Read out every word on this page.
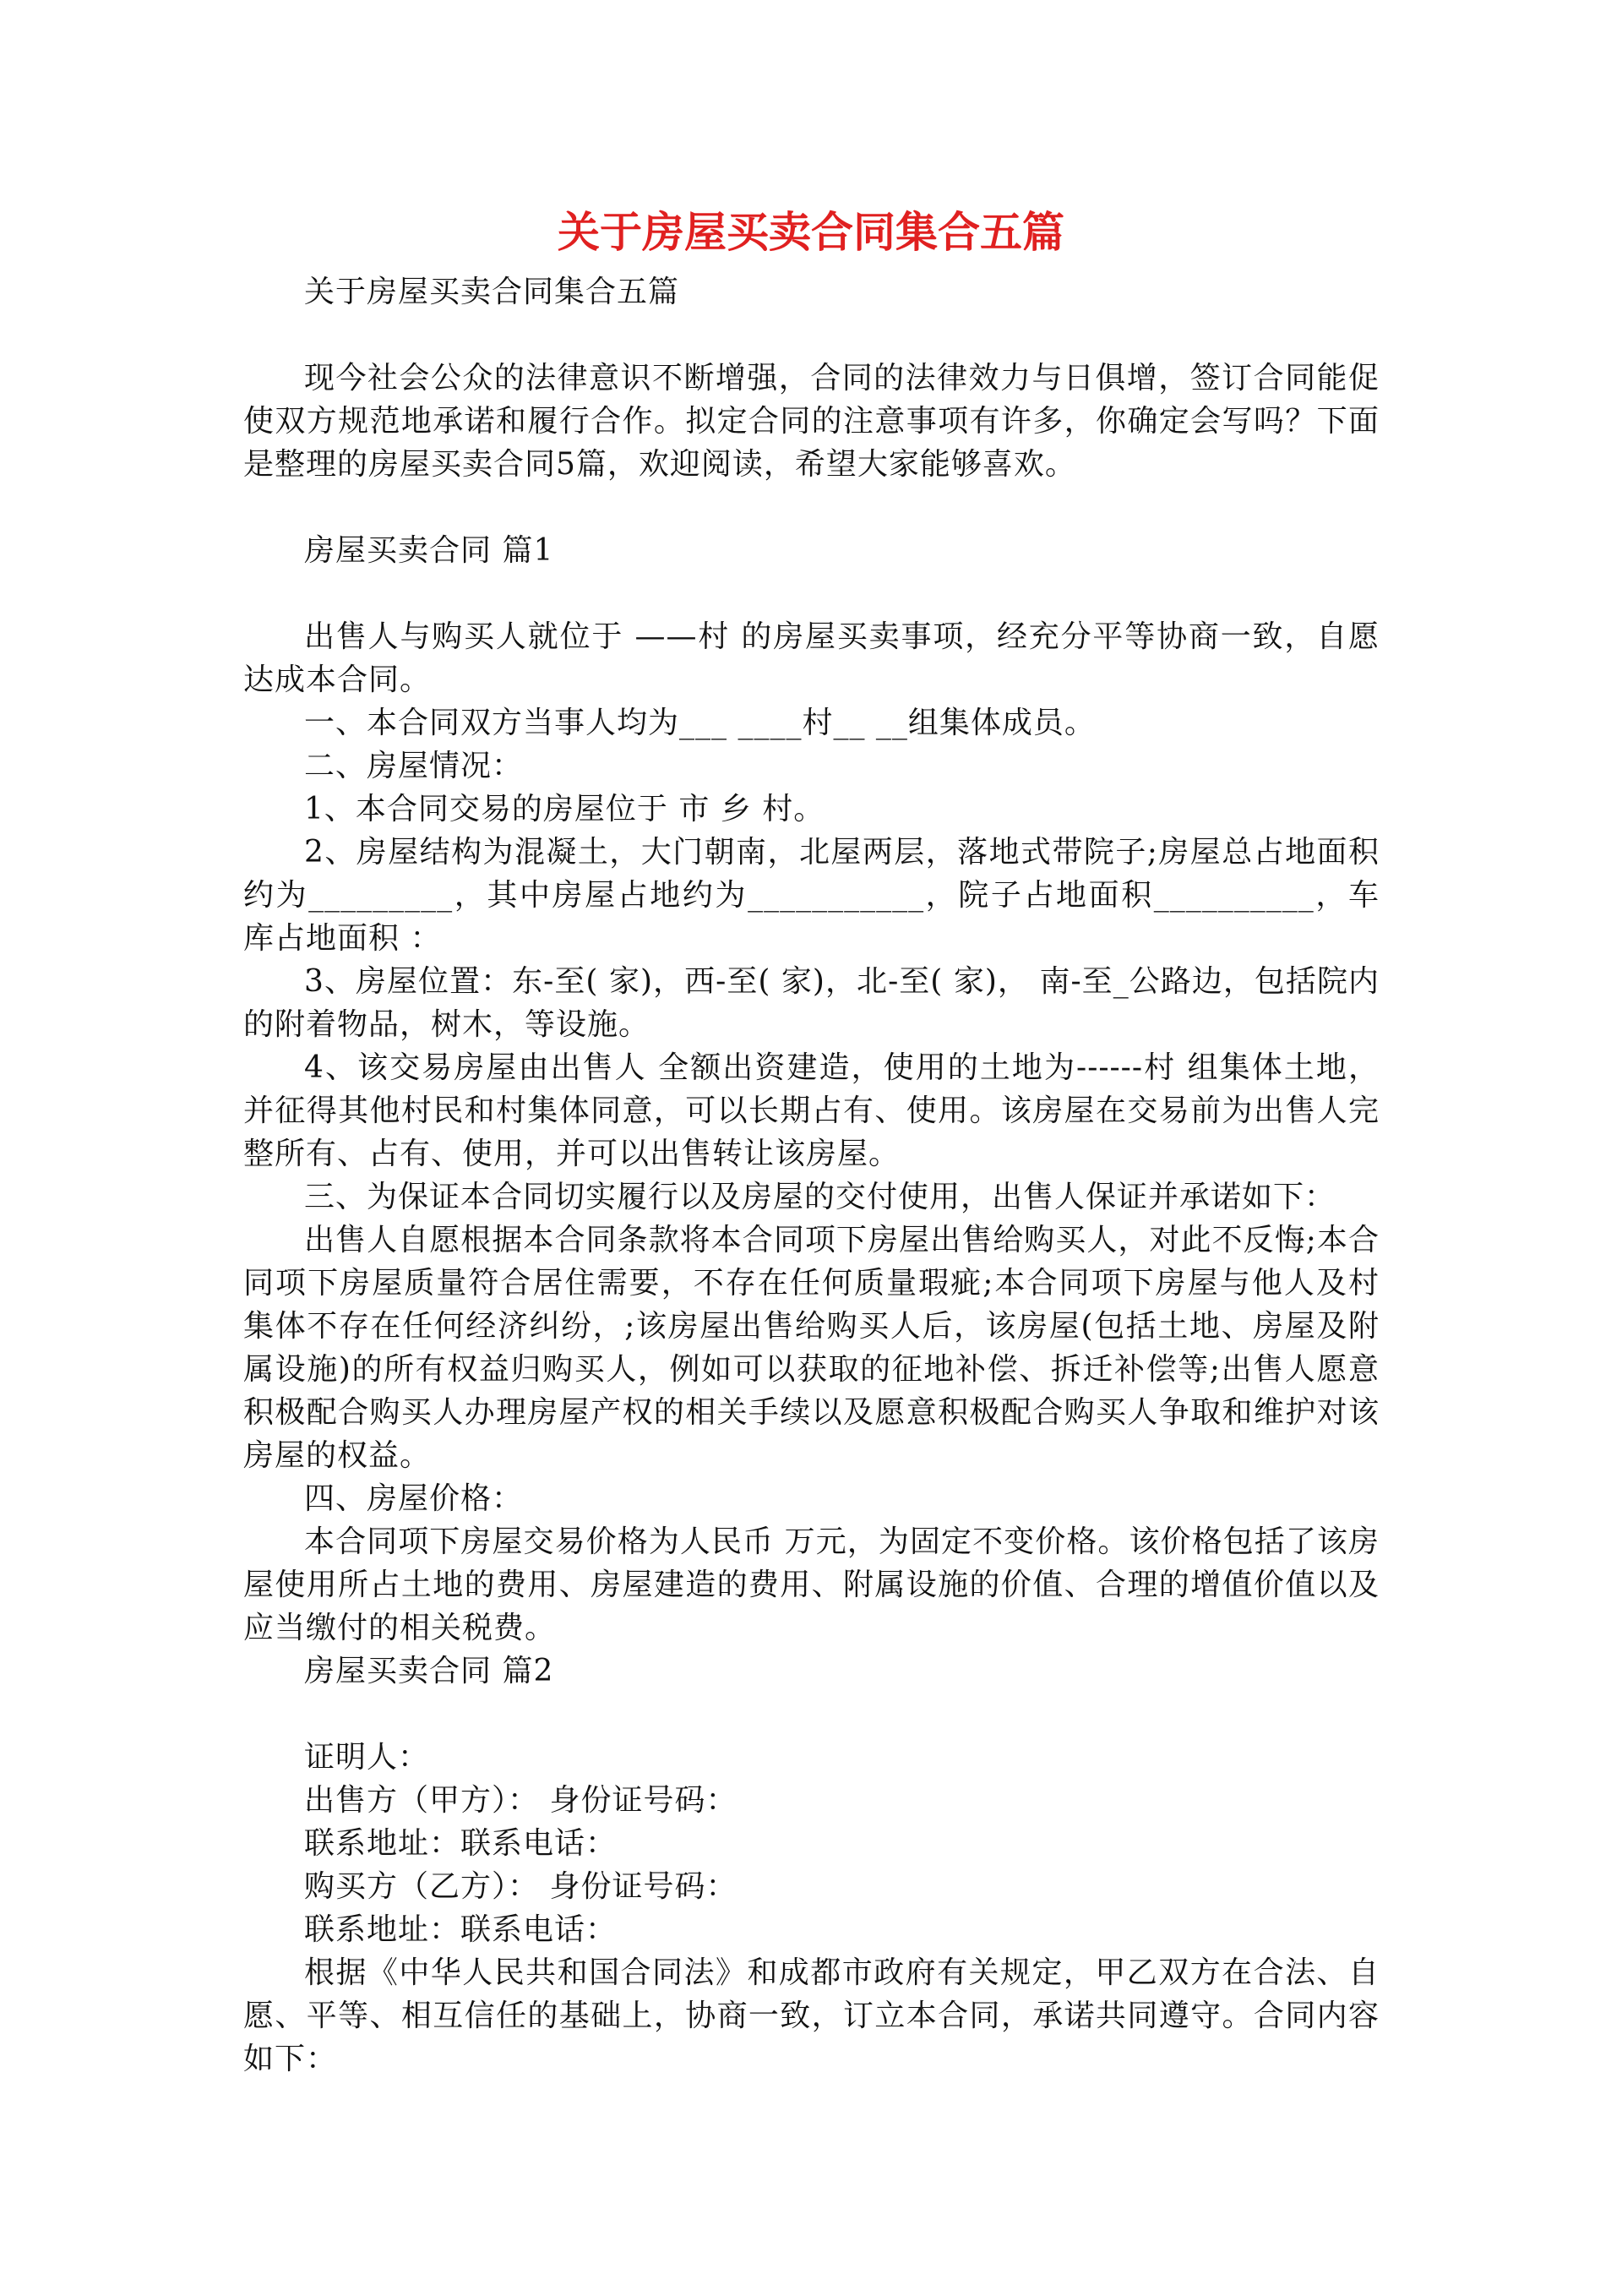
关于房屋买卖合同集合五篇

关于房屋买卖合同集合五篇

现今社会公众的法律意识不断增强，合同的法律效力与日俱增，签订合同能促使双方规范地承诺和履行合作。拟定合同的注意事项有许多，你确定会写吗？下面是整理的房屋买卖合同5篇，欢迎阅读，希望大家能够喜欢。

房屋买卖合同 篇1

出售人与购买人就位于 ——村 的房屋买卖事项，经充分平等协商一致，自愿达成本合同。

一、本合同双方当事人均为___ ____村__ __组集体成员。

二、房屋情况：

1、本合同交易的房屋位于 市 乡 村。

2、房屋结构为混凝土，大门朝南，北屋两层，落地式带院子;房屋总占地面积约为_________，其中房屋占地约为___________，院子占地面积__________，车库占地面积 ：

3、房屋位置：东-至( 家)，西-至( 家)，北-至( 家)， 南-至_公路边，包括院内的附着物品，树木，等设施。

4、该交易房屋由出售人 全额出资建造，使用的土地为------村 组集体土地，并征得其他村民和村集体同意，可以长期占有、使用。该房屋在交易前为出售人完整所有、占有、使用，并可以出售转让该房屋。

三、为保证本合同切实履行以及房屋的交付使用，出售人保证并承诺如下：

出售人自愿根据本合同条款将本合同项下房屋出售给购买人，对此不反悔;本合同项下房屋质量符合居住需要，不存在任何质量瑕疵;本合同项下房屋与他人及村集体不存在任何经济纠纷，;该房屋出售给购买人后，该房屋(包括土地、房屋及附属设施)的所有权益归购买人，例如可以获取的征地补偿、拆迁补偿等;出售人愿意积极配合购买人办理房屋产权的相关手续以及愿意积极配合购买人争取和维护对该房屋的权益。

四、房屋价格：

本合同项下房屋交易价格为人民币 万元，为固定不变价格。该价格包括了该房屋使用所占土地的费用、房屋建造的费用、附属设施的价值、合理的增值价值以及应当缴付的相关税费。

房屋买卖合同 篇2

证明人：

出售方（甲方）： 身份证号码：

联系地址：联系电话：

购买方（乙方）： 身份证号码：

联系地址：联系电话：

根据《中华人民共和国合同法》和成都市政府有关规定，甲乙双方在合法、自愿、平等、相互信任的基础上，协商一致，订立本合同，承诺共同遵守。合同内容如下：
